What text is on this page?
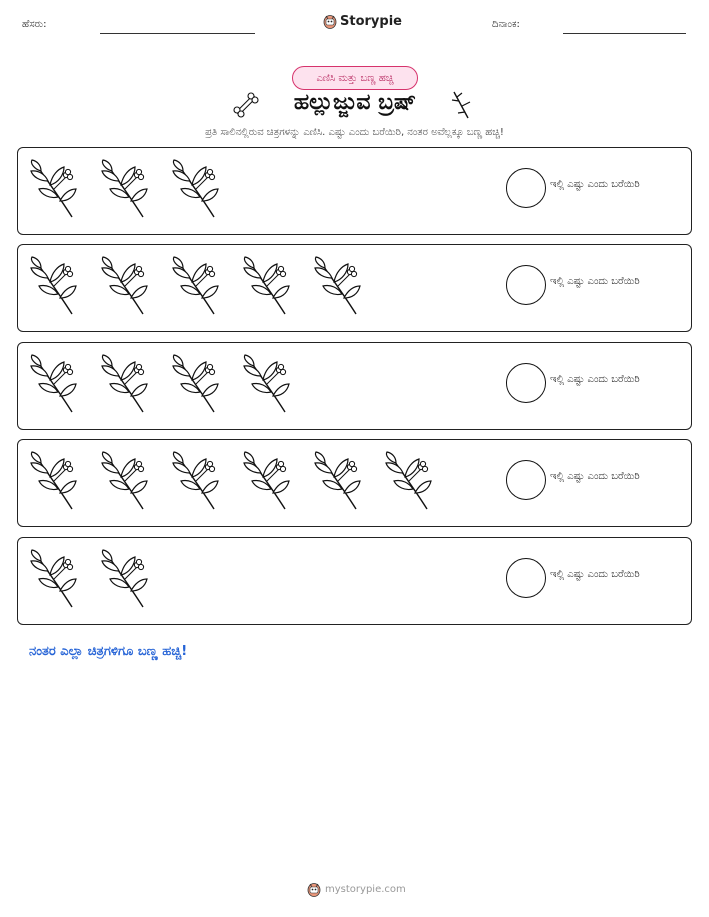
ಹೆಸರು:	Storypie	ದಿನಾಂಕ:
ಎಣಿಸಿ ಮತ್ತು ಬಣ್ಣ ಹಚ್ಚಿ
ಹಲ್ಲುಜ್ಜುವ ಬ್ರಷ್
ಪ್ರತಿ ಸಾಲಿನಲ್ಲಿರುವ ಚಿತ್ರಗಳನ್ನು ಎಣಿಸಿ. ಎಷ್ಟು ಎಂದು ಬರೆಯಿರಿ, ನಂತರ ಅವೆಲ್ಲಕ್ಕೂ ಬಣ್ಣ ಹಚ್ಚಿ!
ಇಲ್ಲಿ ಎಷ್ಟು ಎಂದು ಬರೆಯಿರಿ
ಇಲ್ಲಿ ಎಷ್ಟು ಎಂದು ಬರೆಯಿರಿ
ಇಲ್ಲಿ ಎಷ್ಟು ಎಂದು ಬರೆಯಿರಿ
ಇಲ್ಲಿ ಎಷ್ಟು ಎಂದು ಬರೆಯಿರಿ
ಇಲ್ಲಿ ಎಷ್ಟು ಎಂದು ಬರೆಯಿರಿ
ನಂತರ ಎಲ್ಲಾ ಚಿತ್ರಗಳಿಗೂ ಬಣ್ಣ ಹಚ್ಚಿ!
mystorypie.com
